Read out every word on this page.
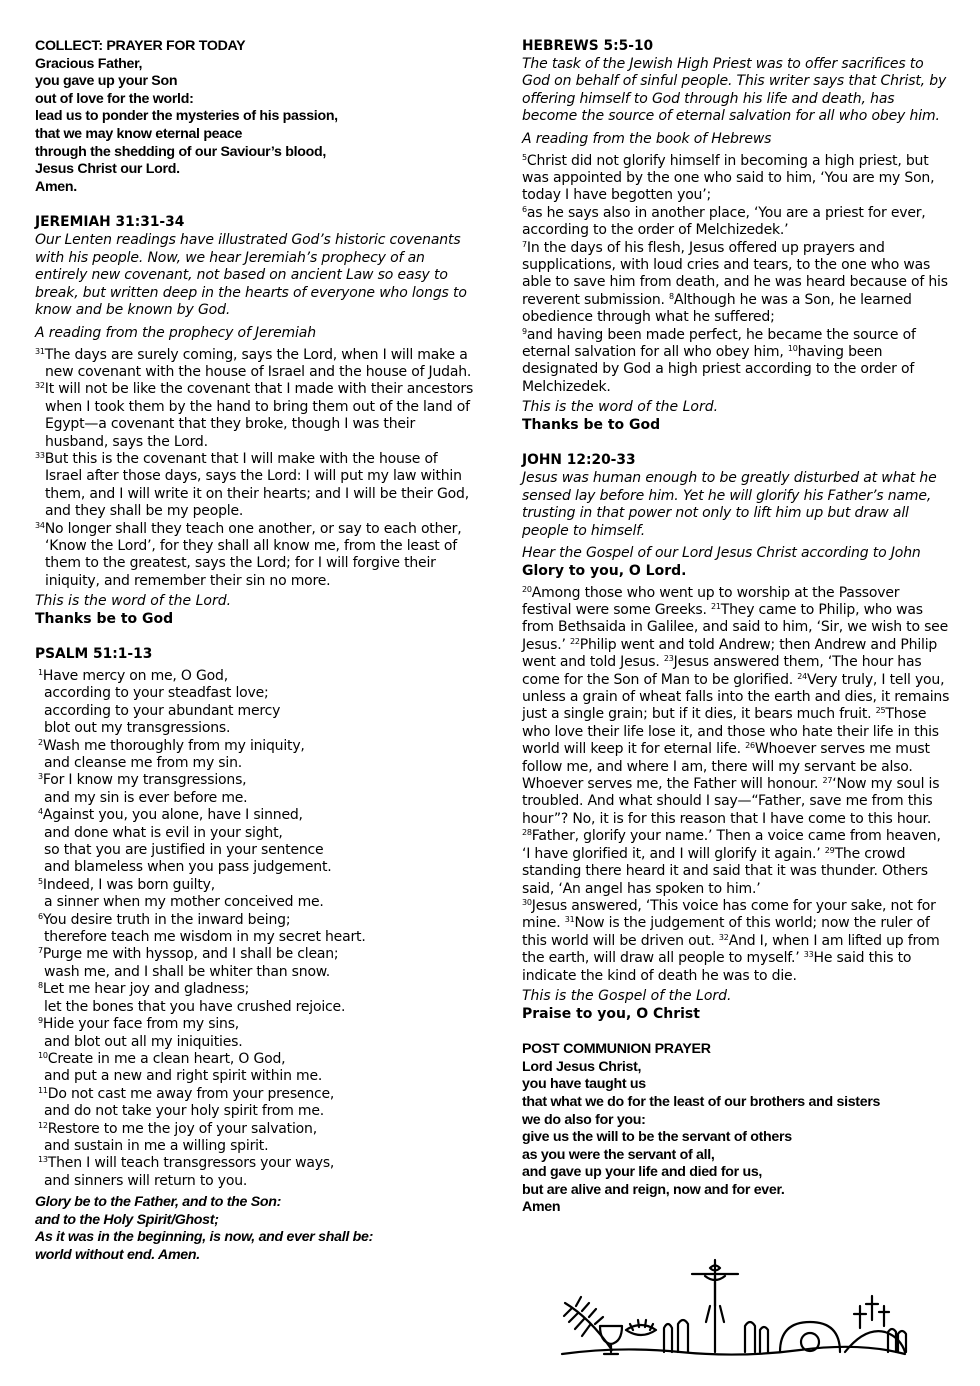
COLLECT: PRAYER FOR TODAY
Gracious Father,
you gave up your Son
out of love for the world:
lead us to ponder the mysteries of his passion,
that we may know eternal peace
through the shedding of our Saviour’s blood,
Jesus Christ our Lord.
Amen.
JEREMIAH 31:31-34
Our Lenten readings have illustrated God’s historic covenants with his people. Now, we hear Jeremiah’s prophecy of an entirely new covenant, not based on ancient Law so easy to break, but written deep in the hearts of everyone who longs to know and be known by God.
A reading from the prophecy of Jeremiah

$^{31}$The days are surely coming, says the Lord, when I will make a new covenant with the house of Israel and the house of Judah.

$^{32}$It will not be like the covenant that I made with their ancestors when I took them by the hand to bring them out of the land of Egypt—a covenant that they broke, though I was their husband, says the Lord.

$^{33}$But this is the covenant that I will make with the house of Israel after those days, says the Lord: I will put my law within them, and I will write it on their hearts; and I will be their God, and they shall be my people.

$^{34}$No longer shall they teach one another, or say to each other, ‘Know the Lord’, for they shall all know me, from the least of them to the greatest, says the Lord; for I will forgive their iniquity, and remember their sin no more.

This is the word of the Lord.
Thanks be to God
PSALM 51:1-13
$^1$Have mercy on me, O God,
according to your steadfast love;
according to your abundant mercy
blot out my transgressions.
$^2$Wash me thoroughly from my iniquity,
and cleanse me from my sin.
$^3$For I know my transgressions,
and my sin is ever before me.
$^4$Against you, you alone, have I sinned,
and done what is evil in your sight,
so that you are justified in your sentence
and blameless when you pass judgement.
$^5$Indeed, I was born guilty,
a sinner when my mother conceived me.
$^6$You desire truth in the inward being;
therefore teach me wisdom in my secret heart.
$^7$Purge me with hyssop, and I shall be clean;
wash me, and I shall be whiter than snow.
$^8$Let me hear joy and gladness;
let the bones that you have crushed rejoice.
$^9$Hide your face from my sins,
and blot out all my iniquities.
$^{10}$Create in me a clean heart, O God,
and put a new and right spirit within me.
$^{11}$Do not cast me away from your presence,
and do not take your holy spirit from me.
$^{12}$Restore to me the joy of your salvation,
and sustain in me a willing spirit.
$^{13}$Then I will teach transgressors your ways,
and sinners will return to you.
Glory be to the Father, and to the Son:
and to the Holy Spirit/Ghost;
As it was in the beginning, is now, and ever shall be:
world without end. Amen.
HEBREWS 5:5-10
The task of the Jewish High Priest was to offer sacrifices to God on behalf of sinful people. This writer says that Christ, by offering himself to God through his life and death, has become the source of eternal salvation for all who obey him.
A reading from the book of Hebrews

$^5$Christ did not glorify himself in becoming a high priest, but was appointed by the one who said to him, ‘You are my Son, today I have begotten you’;

$^6$as he says also in another place, ‘You are a priest for ever, according to the order of Melchizedek.’

$^7$In the days of his flesh, Jesus offered up prayers and supplications, with loud cries and tears, to the one who was able to save him from death, and he was heard because of his reverent submission. $^8$Although he was a Son, he learned obedience through what he suffered;

$^9$and having been made perfect, he became the source of eternal salvation for all who obey him, $^{10}$having been designated by God a high priest according to the order of Melchizedek.

This is the word of the Lord.
Thanks be to God
JOHN 12:20-33
Jesus was human enough to be greatly disturbed at what he sensed lay before him. Yet he will glorify his Father’s name, trusting in that power not only to lift him up but draw all people to himself.
Hear the Gospel of our Lord Jesus Christ according to John
Glory to you, O Lord.

$^{20}$Among those who went up to worship at the Passover festival were some Greeks. $^{21}$They came to Philip, who was from Bethsaida in Galilee, and said to him, ‘Sir, we wish to see Jesus.’ $^{22}$Philip went and told Andrew; then Andrew and Philip went and told Jesus. $^{23}$Jesus answered them, ‘The hour has come for the Son of Man to be glorified. $^{24}$Very truly, I tell you, unless a grain of wheat falls into the earth and dies, it remains just a single grain; but if it dies, it bears much fruit. $^{25}$Those who love their life lose it, and those who hate their life in this world will keep it for eternal life. $^{26}$Whoever serves me must follow me, and where I am, there will my servant be also. Whoever serves me, the Father will honour. $^{27}$‘Now my soul is troubled. And what should I say—“Father, save me from this hour”? No, it is for this reason that I have come to this hour. $^{28}$Father, glorify your name.’ Then a voice came from heaven, ‘I have glorified it, and I will glorify it again.’ $^{29}$The crowd standing there heard it and said that it was thunder. Others said, ‘An angel has spoken to him.’

$^{30}$Jesus answered, ‘This voice has come for your sake, not for mine. $^{31}$Now is the judgement of this world; now the ruler of this world will be driven out. $^{32}$And I, when I am lifted up from the earth, will draw all people to myself.’ $^{33}$He said this to indicate the kind of death he was to die.

This is the Gospel of the Lord.
Praise to you, O Christ
POST COMMUNION PRAYER
Lord Jesus Christ,
you have taught us
that what we do for the least of our brothers and sisters
we do also for you:
give us the will to be the servant of others
as you were the servant of all,
and gave up your life and died for us,
but are alive and reign, now and for ever.
Amen
